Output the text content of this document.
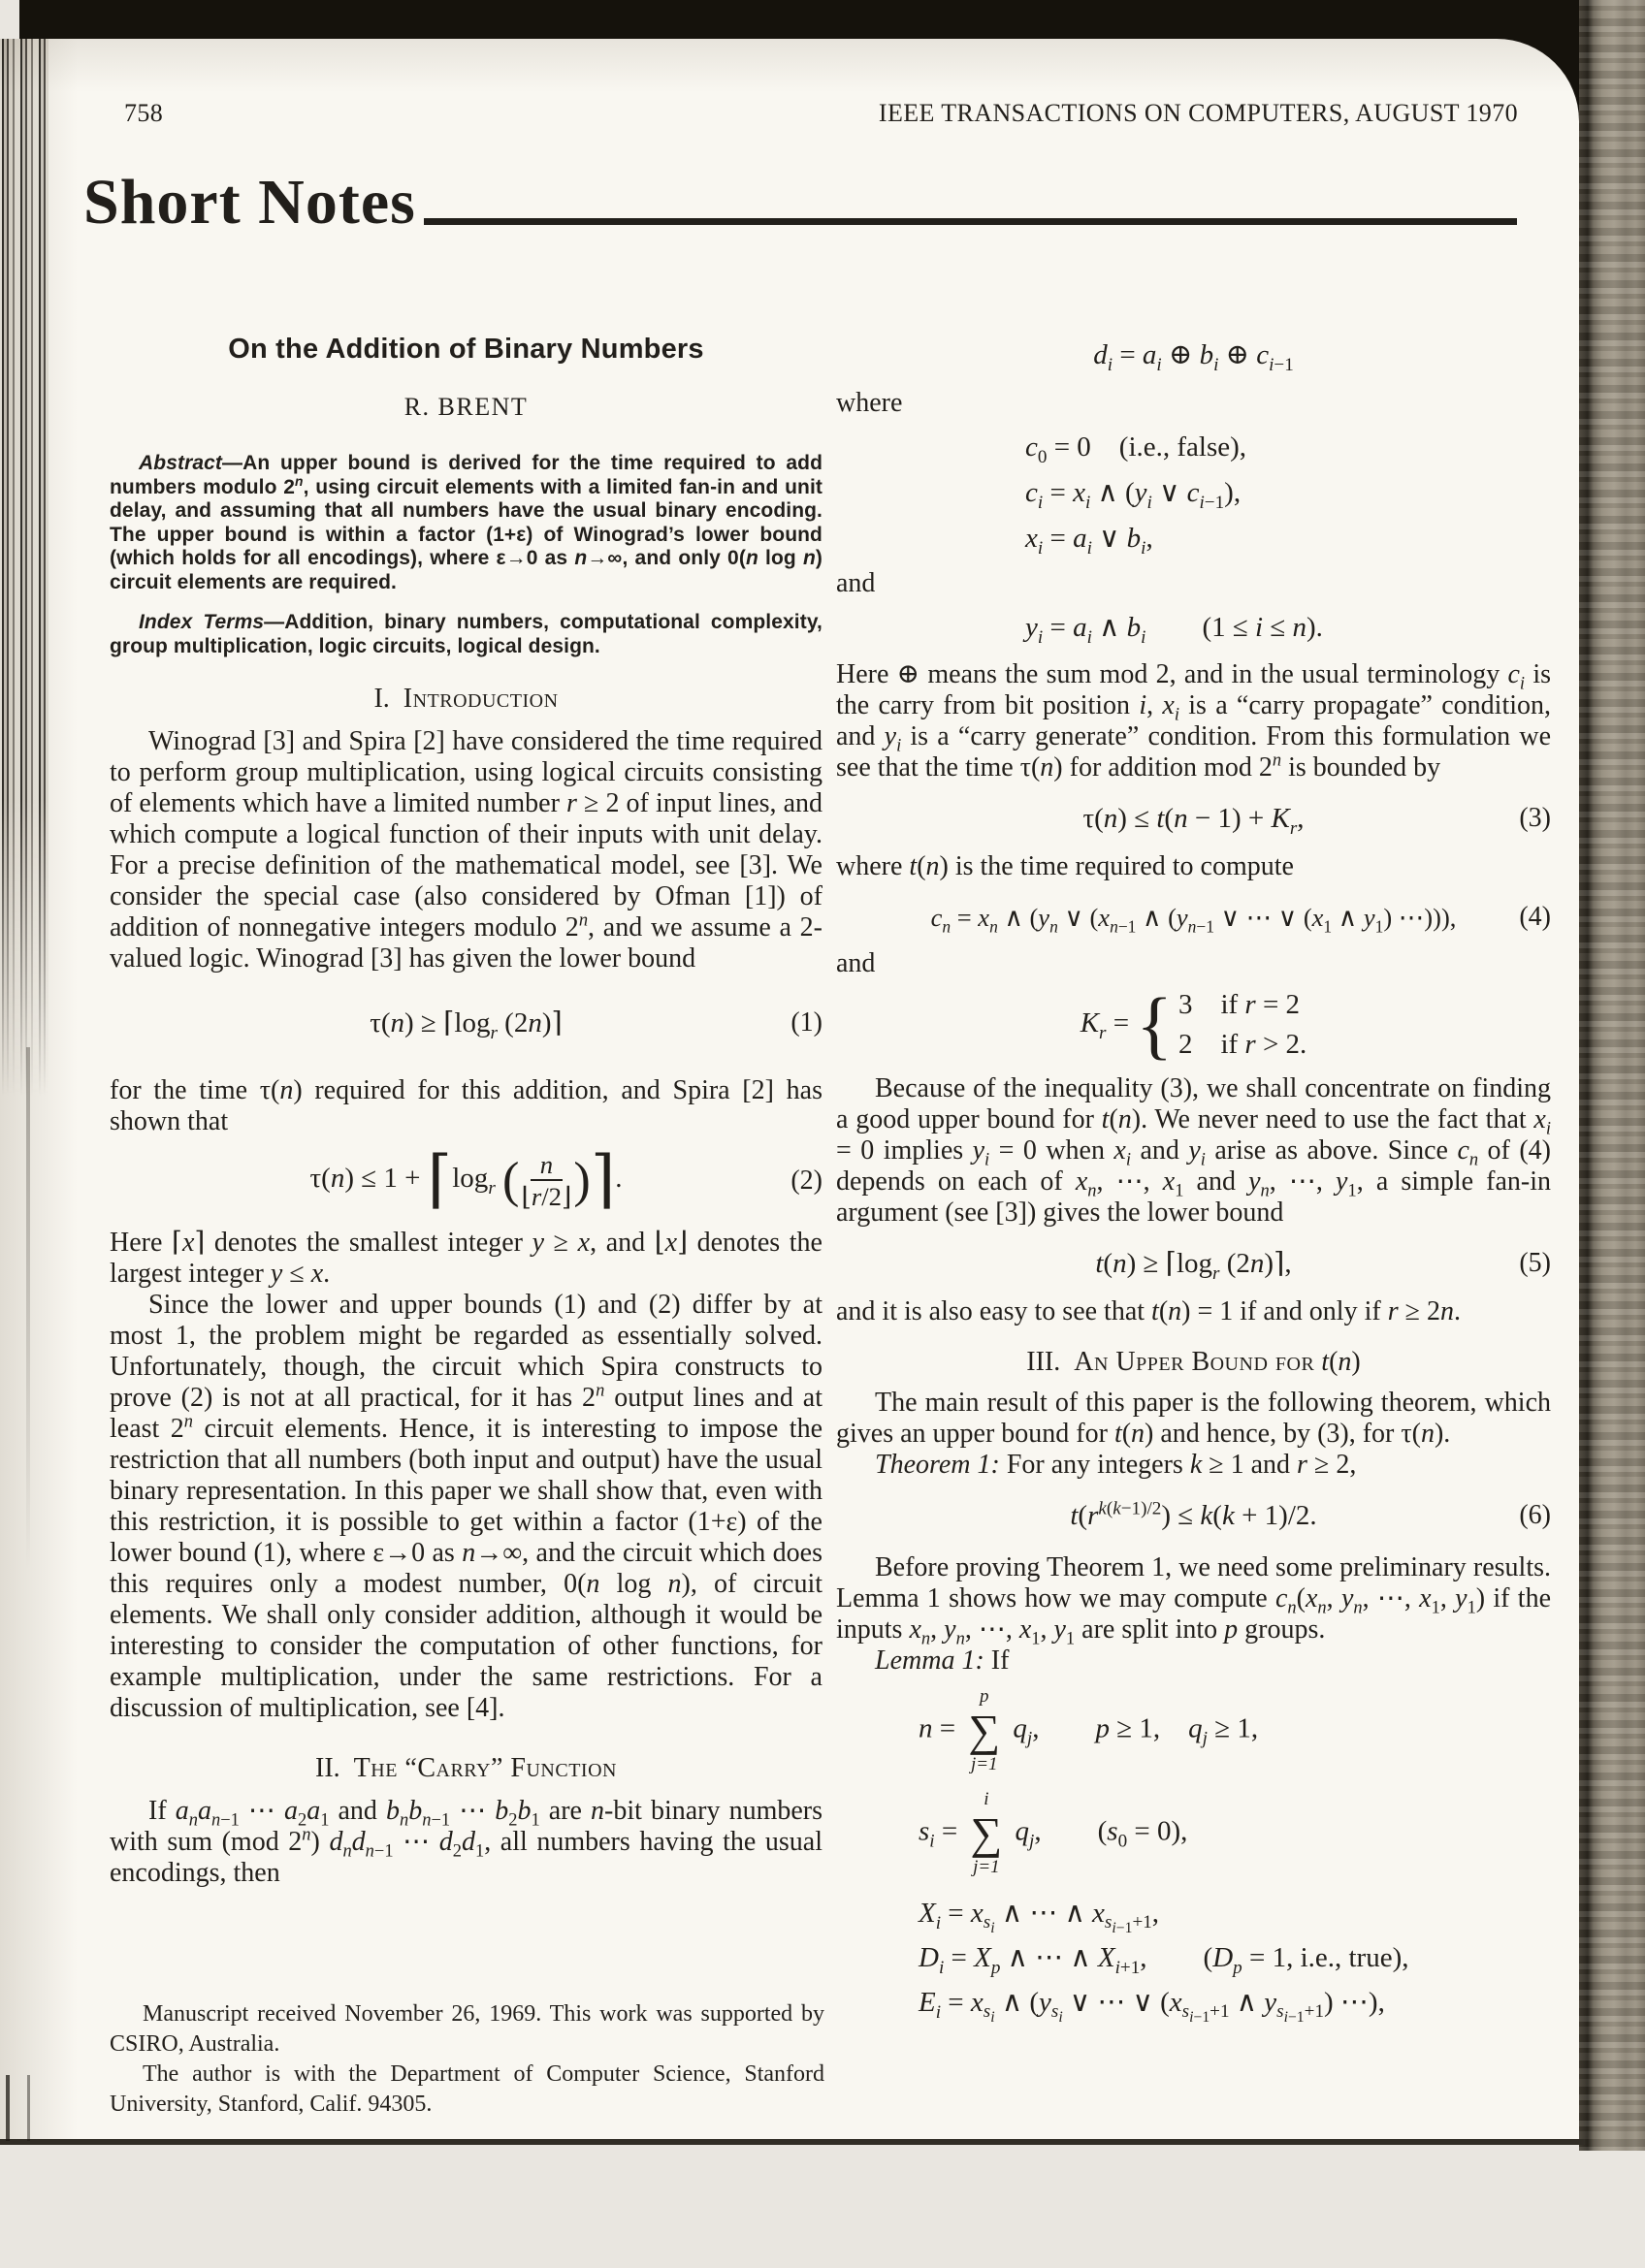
758	IEEE TRANSACTIONS ON COMPUTERS, AUGUST 1970
Short Notes
On the Addition of Binary Numbers
R. BRENT

Abstract—An upper bound is derived for the time required to add numbers modulo 2$^n$, using circuit elements with a limited fan-in and unit delay, and assuming that all numbers have the usual binary encoding. The upper bound is within a factor (1+ε) of Winograd’s lower bound (which holds for all encodings), where ε→0 as n→∞, and only 0(n log n) circuit elements are required.

Index Terms—Addition, binary numbers, computational complexity, group multiplication, logic circuits, logical design.

I.  Introduction

Winograd [3] and Spira [2] have considered the time required to perform group multiplication, using logical circuits consisting of elements which have a limited number r ≥ 2 of input lines, and which compute a logical function of their inputs with unit delay. For a precise definition of the mathematical model, see [3]. We consider the special case (also considered by Ofman [1]) of addition of nonnegative integers modulo 2$^n$, and we assume a 2-valued logic. Winograd [3] has given the lower bound

$\tau(n) \ge ⌈\log_r$ (2n)⌉	(1)

for the time τ(n) required for this addition, and Spira [2] has shown that

$\tau(n) \le 1 + ⌈\log_r$ ( $\frac{n}{⌊r/2⌋}$ )⌉.	(2)

Here ⌈x⌉ denotes the smallest integer y ≥ x, and ⌊x⌋ denotes the largest integer y ≤ x.

Since the lower and upper bounds (1) and (2) differ by at most 1, the problem might be regarded as essentially solved. Unfortunately, though, the circuit which Spira constructs to prove (2) is not at all practical, for it has 2$^n$ output lines and at least 2$^n$ circuit elements. Hence, it is interesting to impose the restriction that all numbers (both input and output) have the usual binary representation. In this paper we shall show that, even with this restriction, it is possible to get within a factor (1+ε) of the lower bound (1), where ε→0 as n→∞, and the circuit which does this requires only a modest number, 0(n log n), of circuit elements. We shall only consider addition, although it would be interesting to consider the computation of other functions, for example multiplication, under the same restrictions. For a discussion of multiplication, see [4].

II.  The “Carry” Function

If $a_na_{n-1}$ ⋯ $a_2a_1$ and $b_nb_{n-1}$ ⋯ $b_2b_1$ are n-bit binary numbers with sum (mod 2$^n$) $d_nd_{n-1}$ ⋯ $d_2d_1$, all numbers having the usual encodings, then

$d_i = a_i$ ⊕ $b_i$ ⊕ $c_{i-1}$

where

$c_0 = 0$  (i.e., false),
$c_i = x_i$ ∧ ($y_i$ ∨ $c_{i-1}$),
$x_i = a_i$ ∨ $b_i$,

and

$y_i = a_i$ ∧ $b_i$  (1 ≤ i ≤ n).

Here ⊕ means the sum mod 2, and in the usual terminology $c_i$ is the carry from bit position i, $x_i$ is a “carry propagate” condition, and $y_i$ is a “carry generate” condition. From this formulation we see that the time τ(n) for addition mod 2$^n$ is bounded by

$\tau(n) \le t(n - 1) + K_r$,	(3)

where t(n) is the time required to compute

$c_n = x_n$ ∧ ($y_n$ ∨ ($x_{n-1}$ ∧ ($y_{n-1}$ ∨ ⋯ ∨ ($x_1$ ∧ $y_1$) ⋯))), (4)

and

$K_r$ = { 3 if r = 2
2 if r > 2.

Because of the inequality (3), we shall concentrate on finding a good upper bound for t(n). We never need to use the fact that $x_i = 0$ implies $y_i = 0$ when $x_i$ and $y_i$ arise as above. Since $c_n$ of (4) depends on each of $x_n$, ⋯, $x_1$ and $y_n$, ⋯, $y_1$, a simple fan-in argument (see [3]) gives the lower bound

$t(n) \ge ⌈\log_r$ (2n)⌉,	(5)

and it is also easy to see that t(n) = 1 if and only if r ≥ 2n.

III.  An Upper Bound for t(n)

The main result of this paper is the following theorem, which gives an upper bound for t(n) and hence, by (3), for τ(n).

Theorem 1: For any integers k ≥ 1 and r ≥ 2,

$t(r^{k(k-1)/2}) \le k(k + 1)/2$.	(6)

Before proving Theorem 1, we need some preliminary results. Lemma 1 shows how we may compute $c_n(x_n$, $y_n$, ⋯, $x_1$, $y_1$) if the inputs $x_n$, $y_n$, ⋯, $x_1$, $y_1$ are split into p groups.

Lemma 1: If

n =
p
∑
j=1
$q_j$,  p ≥ 1, $q_j \ge 1$,
$s_i$ =
i
∑
j=1
$q_j$,  $(s_0 = 0)$,
$X_i = x_{s_i}$ ∧ ⋯ ∧ $x_{s_{i-1}+1}$,
$D_i = X_p$ ∧ ⋯ ∧ $X_{i+1}$,  ($D_p = 1$, i.e., true),
$E_i = x_{s_i}$ ∧ ($y_{s_i}$ ∨ ⋯ ∨ ($x_{s_{i-1}+1}$ ∧ $y_{s_{i-1}+1}$) ⋯),

Manuscript received November 26, 1969. This work was supported by CSIRO, Australia.

The author is with the Department of Computer Science, Stanford University, Stanford, Calif. 94305.
